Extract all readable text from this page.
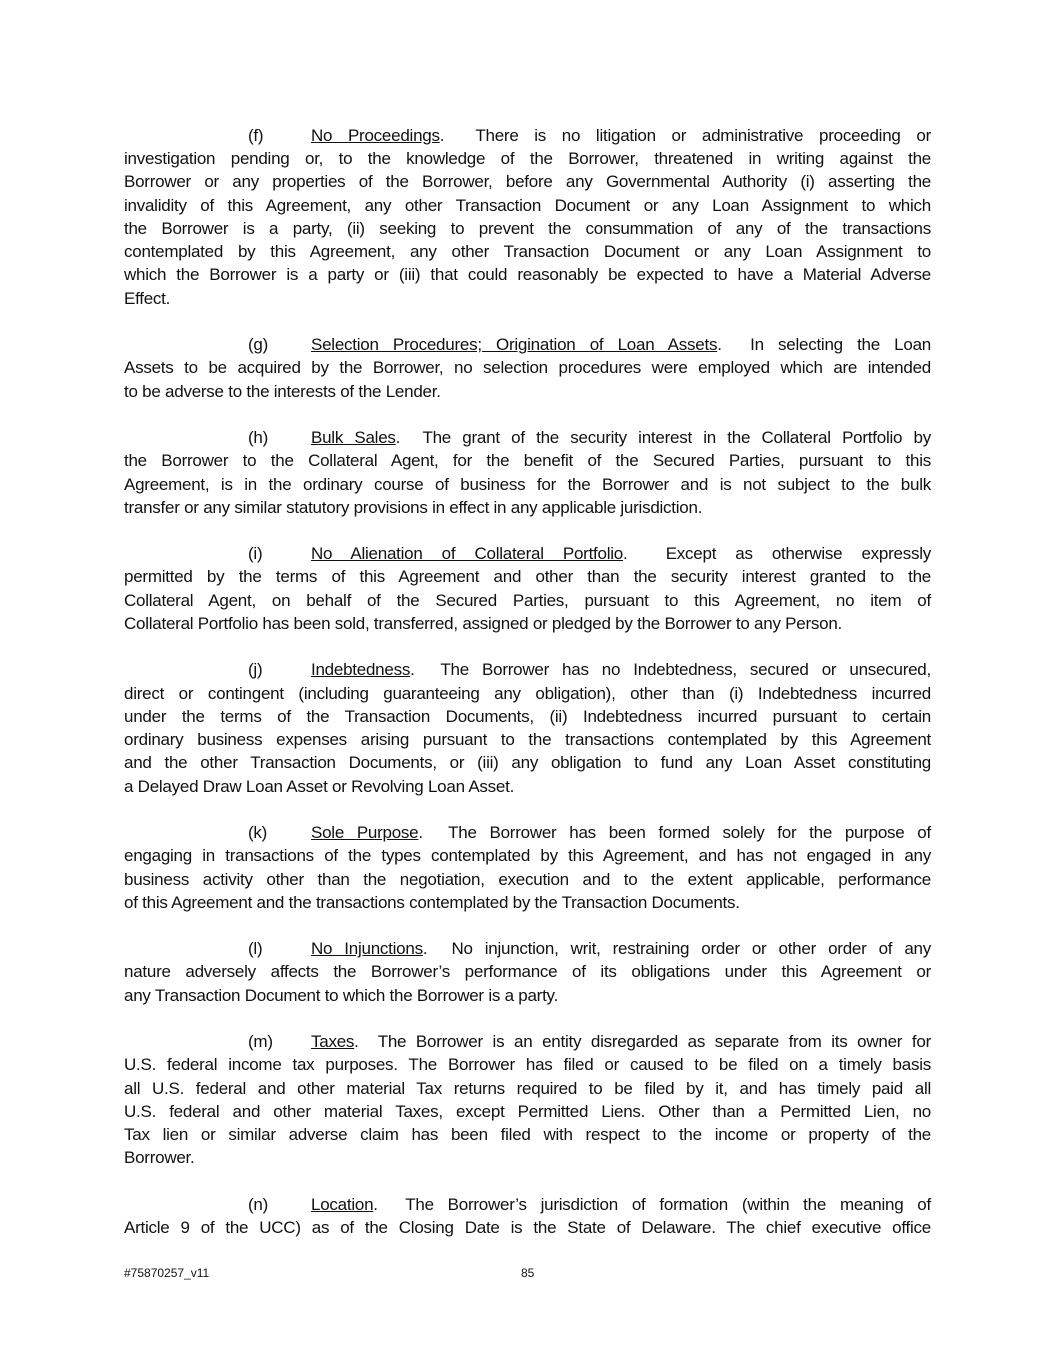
(f)	No Proceedings.  There is no litigation or administrative proceeding or
investigation pending or, to the knowledge of the Borrower, threatened in writing against the
Borrower or any properties of the Borrower, before any Governmental Authority (i) asserting the
invalidity of this Agreement, any other Transaction Document or any Loan Assignment to which
the Borrower is a party, (ii) seeking to prevent the consummation of any of the transactions
contemplated by this Agreement, any other Transaction Document or any Loan Assignment to
which the Borrower is a party or (iii) that could reasonably be expected to have a Material Adverse
Effect.
(g)	Selection Procedures; Origination of Loan Assets.  In selecting the Loan
Assets to be acquired by the Borrower, no selection procedures were employed which are intended
to be adverse to the interests of the Lender.
(h)	Bulk Sales.  The grant of the security interest in the Collateral Portfolio by
the Borrower to the Collateral Agent, for the benefit of the Secured Parties, pursuant to this
Agreement, is in the ordinary course of business for the Borrower and is not subject to the bulk
transfer or any similar statutory provisions in effect in any applicable jurisdiction.
(i)	No Alienation of Collateral Portfolio.  Except as otherwise expressly
permitted by the terms of this Agreement and other than the security interest granted to the
Collateral Agent, on behalf of the Secured Parties, pursuant to this Agreement, no item of
Collateral Portfolio has been sold, transferred, assigned or pledged by the Borrower to any Person.
(j)	Indebtedness.  The Borrower has no Indebtedness, secured or unsecured,
direct or contingent (including guaranteeing any obligation), other than (i) Indebtedness incurred
under the terms of the Transaction Documents, (ii) Indebtedness incurred pursuant to certain
ordinary business expenses arising pursuant to the transactions contemplated by this Agreement
and the other Transaction Documents, or (iii) any obligation to fund any Loan Asset constituting
a Delayed Draw Loan Asset or Revolving Loan Asset.
(k)	Sole Purpose.  The Borrower has been formed solely for the purpose of
engaging in transactions of the types contemplated by this Agreement, and has not engaged in any
business activity other than the negotiation, execution and to the extent applicable, performance
of this Agreement and the transactions contemplated by the Transaction Documents.
(l)	No Injunctions.  No injunction, writ, restraining order or other order of any
nature adversely affects the Borrower’s performance of its obligations under this Agreement or
any Transaction Document to which the Borrower is a party.
(m) Taxes.  The Borrower is an entity disregarded as separate from its owner for
U.S. federal income tax purposes. The Borrower has filed or caused to be filed on a timely basis
all U.S. federal and other material Tax returns required to be filed by it, and has timely paid all
U.S. federal and other material Taxes, except Permitted Liens. Other than a Permitted Lien, no
Tax lien or similar adverse claim has been filed with respect to the income or property of the
Borrower.
(n)	Location.  The Borrower’s jurisdiction of formation (within the meaning of
Article 9 of the UCC) as of the Closing Date is the State of Delaware. The chief executive office
#75870257_v11	85
